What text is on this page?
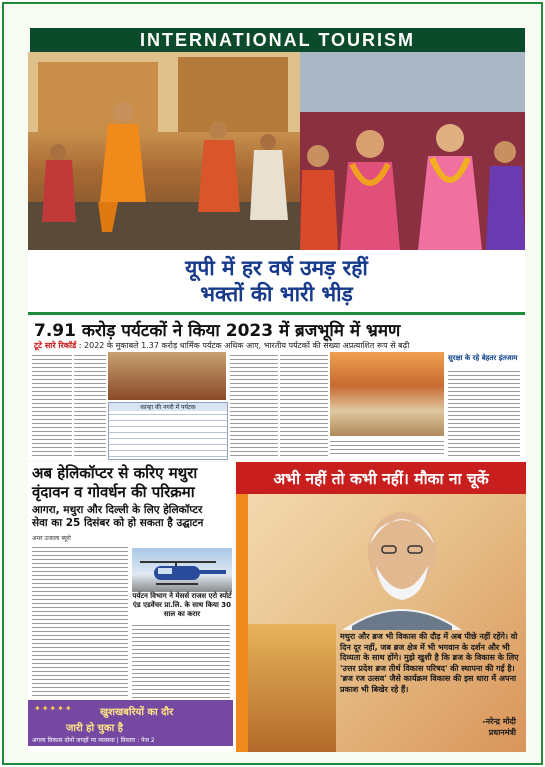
INTERNATIONAL TOURISM
यूपी में हर वर्ष उमड़ रहीं
भक्तों की भारी भीड़
7.91 करोड़ पर्यटकों ने किया 2023 में ब्रजभूमि में भ्रमण
टूटे सारे रिकॉर्ड : 2022 के मुकाबले 1.37 करोड़ धार्मिक पर्यटक अधिक आए, भारतीय पर्यटकों की संख्या अप्रत्याशित रूप से बढ़ी
कान्हा की नगरी में पर्यटक
सुरक्षा के रहे बेहतर इंतजाम
अब हेलिकॉप्टर से करिए मथुरा
वृंदावन व गोवर्धन की परिक्रमा
आगरा, मथुरा और दिल्ली के लिए हेलिकॉप्टर
सेवा का 25 दिसंबर को हो सकता है उद्घाटन
अमर उजाला ब्यूरो
पर्यटन विभाग ने मेसर्स राजस एरो स्पोर्ट एंड एडवेंचर प्रा.लि. के साथ किया 30 साल का करार
✦✦✦✦✦	खुशखबरियों का दौर
जारी हो चुका है
अगला विकास दोनों जगहों पर व्यवस्था | विस्तार : पेज 2
अभी नहीं तो कभी नहीं। मौका ना चूकें
मथुरा और ब्रज भी विकास की दौड़ में अब पीछे नहीं रहेंगे। वो दिन दूर नहीं, जब ब्रज क्षेत्र में भी भगवान के दर्शन और भी दिव्यता के साथ होंगे। मुझे खुशी है कि ब्रज के विकास के लिए 'उत्तर प्रदेश ब्रज तीर्थ विकास परिषद' की स्थापना की गई है। 'ब्रज रज उत्सव' जैसे कार्यक्रम विकास की इस धारा में अपना प्रकाश भी बिखेर रहे हैं।
-नरेन्द्र मोदी
प्रधानमंत्री
